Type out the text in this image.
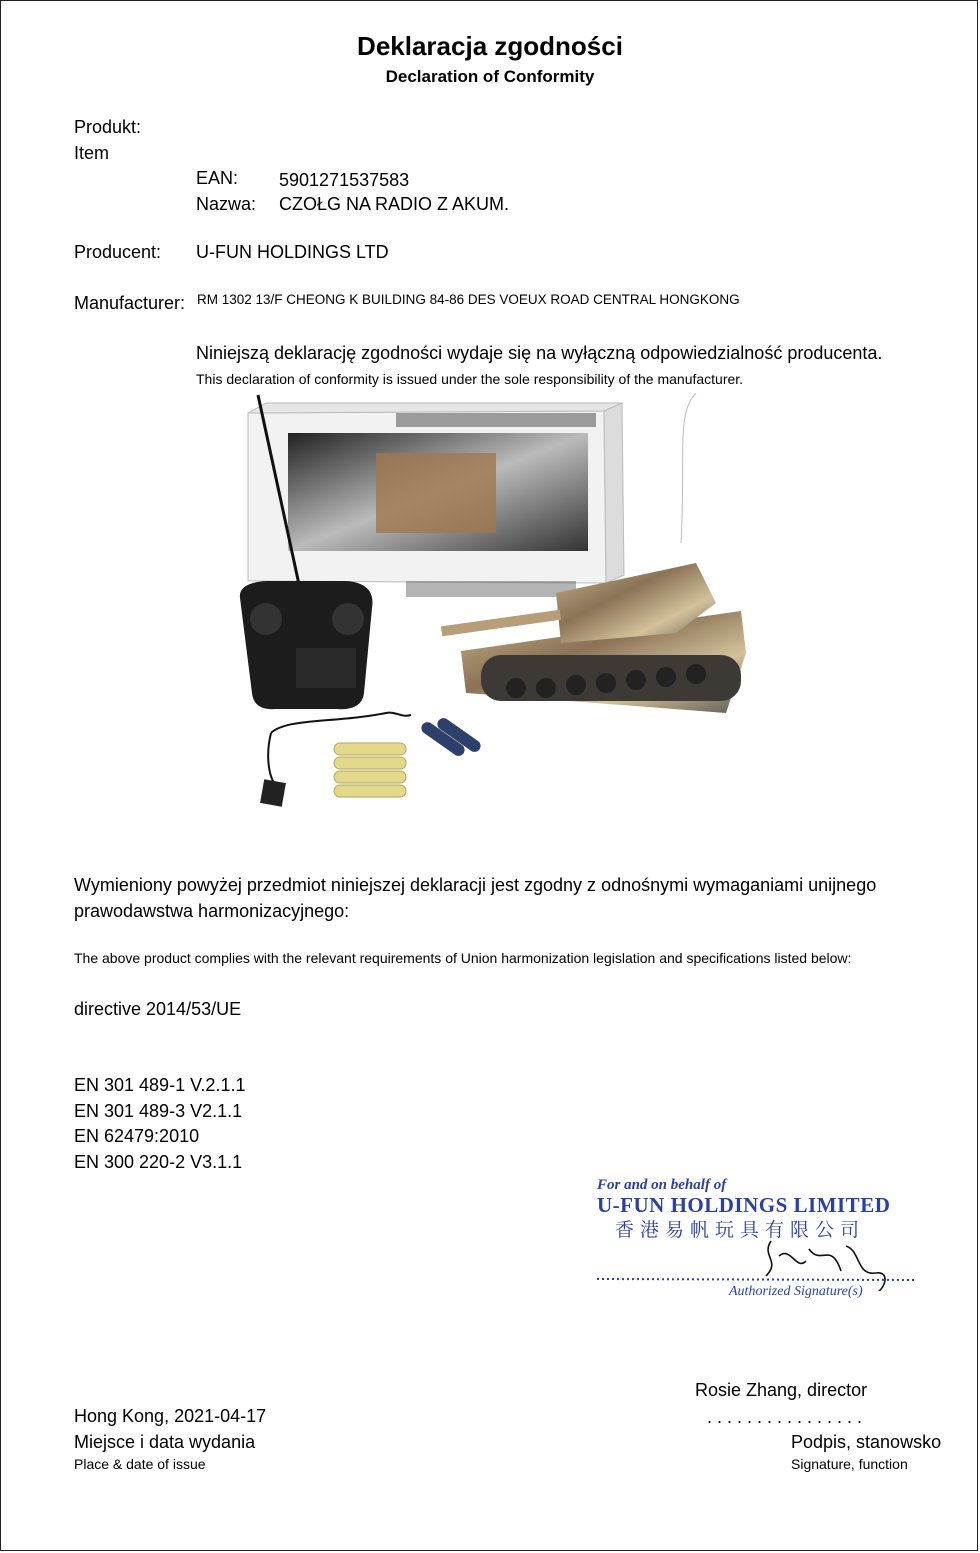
Deklaracja zgodności
Declaration of Conformity
Produkt:
Item
EAN: 5901271537583
Nazwa: CZOŁG NA RADIO Z AKUM.
Producent: U-FUN HOLDINGS LTD
Manufacturer: RM 1302 13/F CHEONG K BUILDING 84-86 DES VOEUX ROAD CENTRAL HONGKONG
Niniejszą deklarację zgodności wydaje się na wyłączną odpowiedzialność producenta.
This declaration of conformity is issued under the sole responsibility of the manufacturer.
Wymieniony powyżej przedmiot niniejszej deklaracji jest zgodny z odnośnymi wymaganiami unijnego
prawodawstwa harmonizacyjnego:
The above product complies with the relevant requirements of Union harmonization legislation and specifications listed below:
directive 2014/53/UE
EN 301 489-1 V.2.1.1
EN 301 489-3 V2.1.1
EN 62479:2010
EN 300 220-2 V3.1.1
For and on behalf of
U-FUN HOLDINGS LIMITED
香港易帆玩具有限公司
Authorized Signature(s)
Rosie Zhang, director
. . . . . . . . . . . . . . . .
Podpis, stanowsko
Signature, function
Hong Kong, 2021-04-17
Miejsce i data wydania
Place & date of issue
